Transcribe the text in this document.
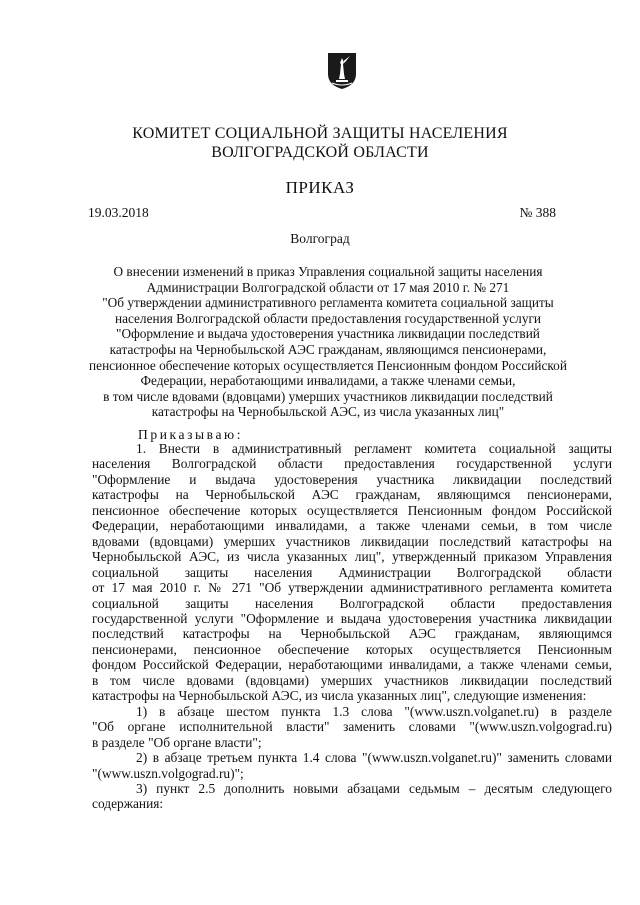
КОМИТЕТ СОЦИАЛЬНОЙ ЗАЩИТЫ НАСЕЛЕНИЯ
ВОЛГОГРАДСКОЙ ОБЛАСТИ
ПРИКАЗ
19.03.2018	№ 388
Волгоград
О внесении изменений в приказ Управления социальной защиты населения
Администрации Волгоградской области от 17 мая 2010 г. № 271
"Об утверждении административного регламента комитета социальной защиты
населения Волгоградской области предоставления государственной услуги
"Оформление и выдача удостоверения участника ликвидации последствий
катастрофы на Чернобыльской АЭС гражданам, являющимся пенсионерами,
пенсионное обеспечение которых осуществляется Пенсионным фондом Российской
Федерации, неработающими инвалидами, а также членами семьи,
в том числе вдовами (вдовцами) умерших участников ликвидации последствий
катастрофы на Чернобыльской АЭС, из числа указанных лиц"
Приказываю:
1. Внести в административный регламент комитета социальной защиты
населения Волгоградской области предоставления государственной услуги
"Оформление и выдача удостоверения участника ликвидации последствий
катастрофы на Чернобыльской АЭС гражданам, являющимся пенсионерами,
пенсионное обеспечение которых осуществляется Пенсионным фондом Российской
Федерации, неработающими инвалидами, а также членами семьи, в том числе
вдовами (вдовцами) умерших участников ликвидации последствий катастрофы на
Чернобыльской АЭС, из числа указанных лиц", утвержденный приказом Управления
социальной защиты населения Администрации Волгоградской области
от 17 мая 2010 г. № 271 "Об утверждении административного регламента комитета
социальной защиты населения Волгоградской области предоставления
государственной услуги "Оформление и выдача удостоверения участника ликвидации
последствий катастрофы на Чернобыльской АЭС гражданам, являющимся
пенсионерами, пенсионное обеспечение которых осуществляется Пенсионным
фондом Российской Федерации, неработающими инвалидами, а также членами семьи,
в том числе вдовами (вдовцами) умерших участников ликвидации последствий
катастрофы на Чернобыльской АЭС, из числа указанных лиц", следующие изменения:
1) в абзаце шестом пункта 1.3 слова "(www.uszn.volganet.ru) в разделе
"Об органе исполнительной власти" заменить словами "(www.uszn.volgograd.ru)
в разделе "Об органе власти";
2) в абзаце третьем пункта 1.4 слова "(www.uszn.volganet.ru)" заменить словами
"(www.uszn.volgograd.ru)";
3) пункт 2.5 дополнить новыми абзацами седьмым – десятым следующего
содержания:
